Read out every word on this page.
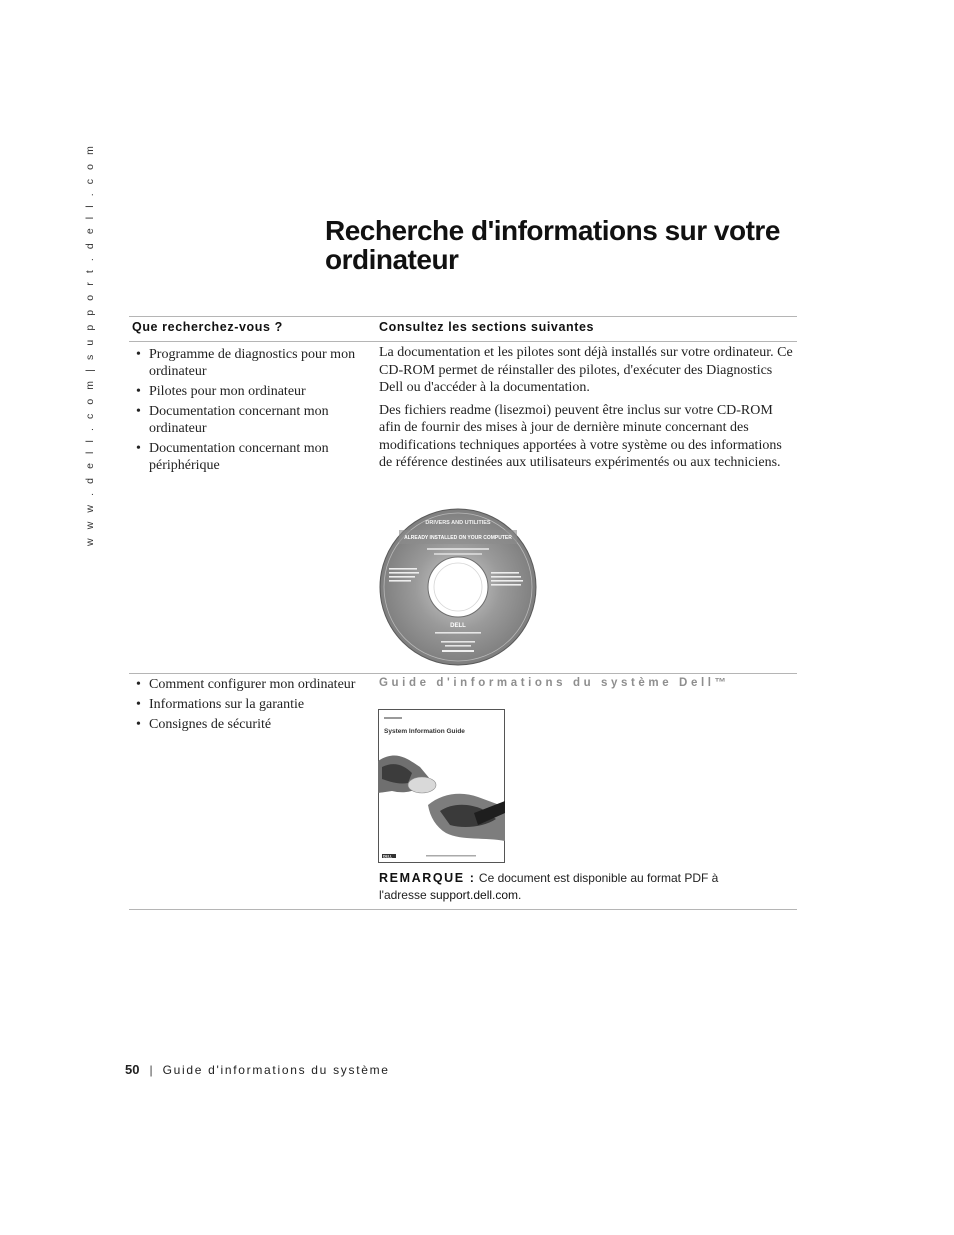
w w w . d e l l . c o m | s u p p o r t . d e l l . c o m	Recherche d'informations sur votre
ordinateur
Que recherchez-vous ?	Consultez les sections suivantes
• Programme de diagnostics pour mon ordinateur
• Pilotes pour mon ordinateur
• Documentation concernant mon ordinateur
• Documentation concernant mon périphérique

La documentation et les pilotes sont déjà installés sur votre ordinateur. Ce CD-ROM permet de réinstaller des pilotes, d'exécuter des Diagnostics Dell ou d'accéder à la documentation.

Des fichiers readme (lisezmoi) peuvent être inclus sur votre CD-ROM afin de fournir des mises à jour de dernière minute concernant des modifications techniques apportées à votre système ou des informations de référence destinées aux utilisateurs expérimentés ou aux techniciens.

DRIVERS AND UTILITIES
ALREADY INSTALLED ON YOUR COMPUTER
DELL
• Comment configurer mon ordinateur
• Informations sur la garantie
• Consignes de sécurité
Guide d'informations du système Dell™
System Information Guide
DELL

REMARQUE : Ce document est disponible au format PDF à l'adresse support.dell.com.

50 | Guide d'informations du système
